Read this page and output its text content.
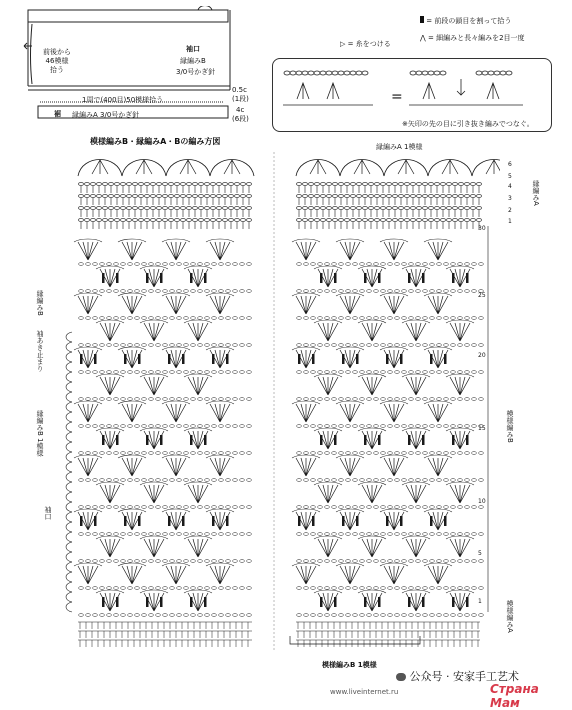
前後から
46模様
拾う
袖口
縁編みB
3/0号かぎ針
1周で(400目)50模様拾う
裾 縁編みA 3/0号かぎ針
0.5c
(1段)
4c
(6段)
▷ = 糸をつける
= 前段の鎖目を割って拾う
⋀ = 細編みと長々編みを2目一度
=
※矢印の先の目に引き抜き編みでつなぐ。
模様編みB・縁編みA・Bの編み方図
縁編みA 1模様
縁編みB
袖あき止まり
縁編みB 1模様
袖口
縁編みA
模様編みB
模様編みA
30
25
20
15
10
5
1
6
5
4
3
2
1
模様編みB 1模様
公众号 · 安家手工艺术
www.liveinternet.ru	Страна Мам
